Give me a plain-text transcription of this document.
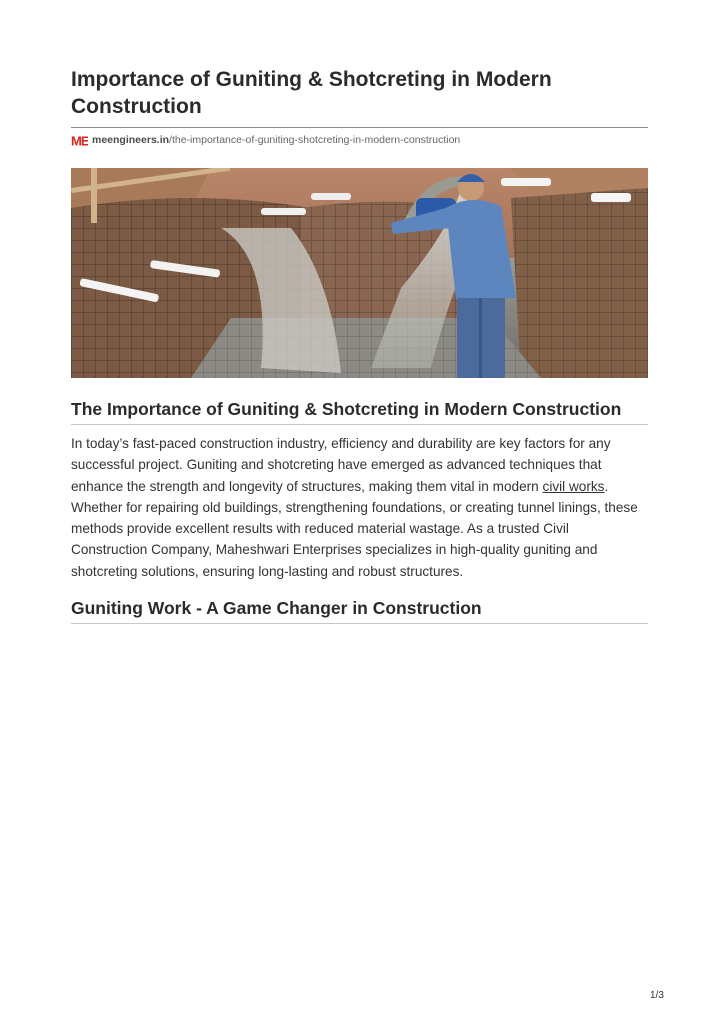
Importance of Guniting & Shotcreting in Modern Construction
ME meengineers.in /the-importance-of-guniting-shotcreting-in-modern-construction
The Importance of Guniting & Shotcreting in Modern Construction

In today’s fast-paced construction industry, efficiency and durability are key factors for any successful project. Guniting and shotcreting have emerged as advanced techniques that enhance the strength and longevity of structures, making them vital in modern civil works. Whether for repairing old buildings, strengthening foundations, or creating tunnel linings, these methods provide excellent results with reduced material wastage. As a trusted Civil Construction Company, Maheshwari Enterprises specializes in high-quality guniting and shotcreting solutions, ensuring long-lasting and robust structures.

Guniting Work - A Game Changer in Construction
1/3
